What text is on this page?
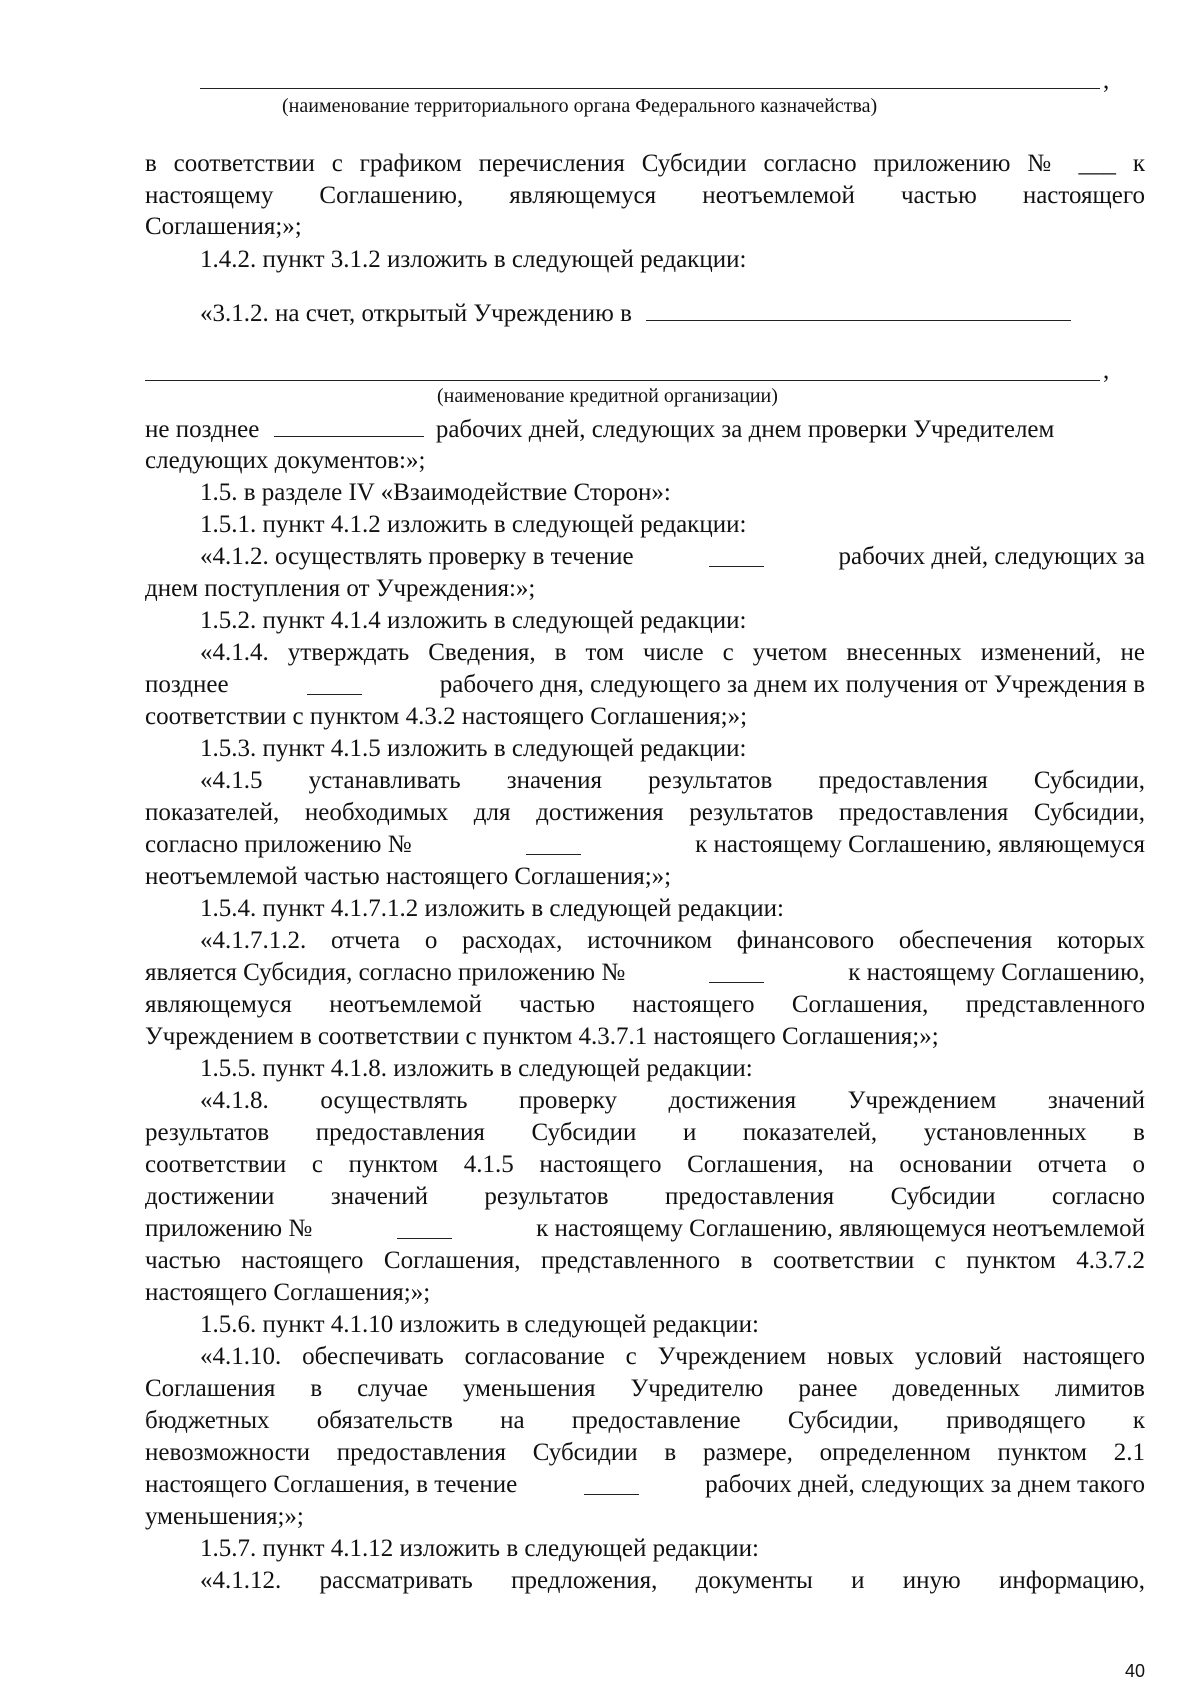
,
(наименование территориального органа Федерального казначейства)
в соответствии с графиком перечисления Субсидии согласно приложению № ___ к
настоящему Соглашению, являющемуся неотъемлемой частью настоящего
Соглашения;»;
1.4.2. пункт 3.1.2 изложить в следующей редакции:
«3.1.2. на счет, открытый Учреждению в
,
(наименование кредитной организации)
не позднее	рабочих дней, следующих за днем проверки Учредителем
следующих документов:»;
1.5. в разделе IV «Взаимодействие Сторон»:
1.5.1. пункт 4.1.2 изложить в следующей редакции:
«4.1.2. осуществлять проверку в течение	рабочих дней, следующих за
днем поступления от Учреждения:»;
1.5.2. пункт 4.1.4 изложить в следующей редакции:
«4.1.4. утверждать Сведения, в том числе с учетом внесенных изменений, не
позднее	рабочего дня, следующего за днем их получения от Учреждения в
соответствии с пунктом 4.3.2 настоящего Соглашения;»;
1.5.3. пункт 4.1.5 изложить в следующей редакции:
«4.1.5 устанавливать значения результатов предоставления Субсидии,
показателей, необходимых для достижения результатов предоставления Субсидии,
согласно приложению №	к настоящему Соглашению, являющемуся
неотъемлемой частью настоящего Соглашения;»;
1.5.4. пункт 4.1.7.1.2 изложить в следующей редакции:
«4.1.7.1.2. отчета о расходах, источником финансового обеспечения которых
является Субсидия, согласно приложению №	к настоящему Соглашению,
являющемуся неотъемлемой частью настоящего Соглашения, представленного
Учреждением в соответствии с пунктом 4.3.7.1 настоящего Соглашения;»;
1.5.5. пункт 4.1.8. изложить в следующей редакции:
«4.1.8. осуществлять проверку достижения Учреждением значений
результатов предоставления Субсидии и показателей, установленных в
соответствии с пунктом 4.1.5 настоящего Соглашения, на основании отчета о
достижении значений результатов предоставления Субсидии согласно
приложению №	к настоящему Соглашению, являющемуся неотъемлемой
частью настоящего Соглашения, представленного в соответствии с пунктом 4.3.7.2
настоящего Соглашения;»;
1.5.6. пункт 4.1.10 изложить в следующей редакции:
«4.1.10. обеспечивать согласование с Учреждением новых условий настоящего
Соглашения в случае уменьшения Учредителю ранее доведенных лимитов
бюджетных обязательств на предоставление Субсидии, приводящего к
невозможности предоставления Субсидии в размере, определенном пунктом 2.1
настоящего Соглашения, в течение	рабочих дней, следующих за днем такого
уменьшения;»;
1.5.7. пункт 4.1.12 изложить в следующей редакции:
«4.1.12. рассматривать предложения, документы и иную информацию,
40
